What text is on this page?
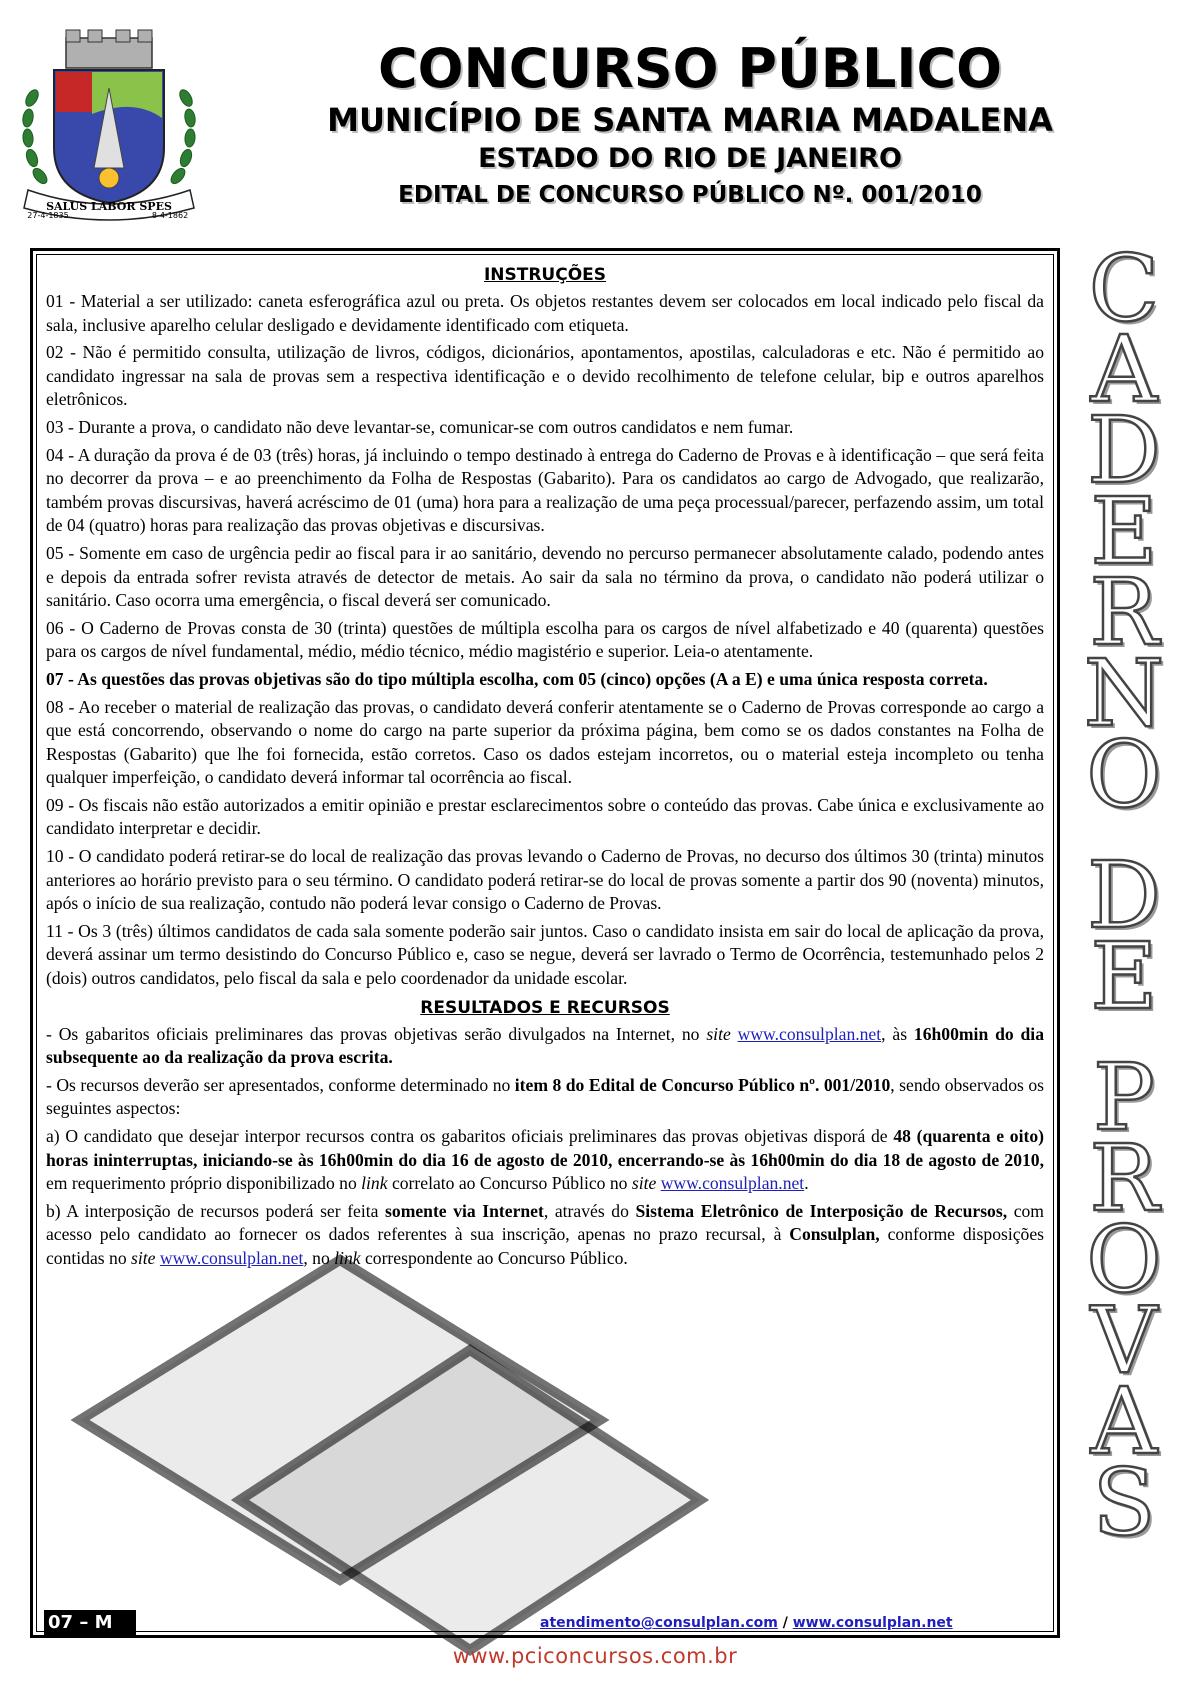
SALUS LABOR SPES
27-4-1835	8-4-1862
CONCURSO PÚBLICO
MUNICÍPIO DE SANTA MARIA MADALENA
ESTADO DO RIO DE JANEIRO
EDITAL DE CONCURSO PÚBLICO Nº. 001/2010
INSTRUÇÕES

01 - Material a ser utilizado: caneta esferográfica azul ou preta. Os objetos restantes devem ser colocados em local indicado pelo fiscal da sala, inclusive aparelho celular desligado e devidamente identificado com etiqueta.

02 - Não é permitido consulta, utilização de livros, códigos, dicionários, apontamentos, apostilas, calculadoras e etc. Não é permitido ao candidato ingressar na sala de provas sem a respectiva identificação e o devido recolhimento de telefone celular, bip e outros aparelhos eletrônicos.

03 - Durante a prova, o candidato não deve levantar-se, comunicar-se com outros candidatos e nem fumar.

04 - A duração da prova é de 03 (três) horas, já incluindo o tempo destinado à entrega do Caderno de Provas e à identificação – que será feita no decorrer da prova – e ao preenchimento da Folha de Respostas (Gabarito). Para os candidatos ao cargo de Advogado, que realizarão, também provas discursivas, haverá acréscimo de 01 (uma) hora para a realização de uma peça processual/parecer, perfazendo assim, um total de 04 (quatro) horas para realização das provas objetivas e discursivas.

05 - Somente em caso de urgência pedir ao fiscal para ir ao sanitário, devendo no percurso permanecer absolutamente calado, podendo antes e depois da entrada sofrer revista através de detector de metais. Ao sair da sala no término da prova, o candidato não poderá utilizar o sanitário. Caso ocorra uma emergência, o fiscal deverá ser comunicado.

06 - O Caderno de Provas consta de 30 (trinta) questões de múltipla escolha para os cargos de nível alfabetizado e 40 (quarenta) questões para os cargos de nível fundamental, médio, médio técnico, médio magistério e superior. Leia-o atentamente.

07 - As questões das provas objetivas são do tipo múltipla escolha, com 05 (cinco) opções (A a E) e uma única resposta correta.

08 - Ao receber o material de realização das provas, o candidato deverá conferir atentamente se o Caderno de Provas corresponde ao cargo a que está concorrendo, observando o nome do cargo na parte superior da próxima página, bem como se os dados constantes na Folha de Respostas (Gabarito) que lhe foi fornecida, estão corretos. Caso os dados estejam incorretos, ou o material esteja incompleto ou tenha qualquer imperfeição, o candidato deverá informar tal ocorrência ao fiscal.

09 - Os fiscais não estão autorizados a emitir opinião e prestar esclarecimentos sobre o conteúdo das provas. Cabe única e exclusivamente ao candidato interpretar e decidir.

10 - O candidato poderá retirar-se do local de realização das provas levando o Caderno de Provas, no decurso dos últimos 30 (trinta) minutos anteriores ao horário previsto para o seu término. O candidato poderá retirar-se do local de provas somente a partir dos 90 (noventa) minutos, após o início de sua realização, contudo não poderá levar consigo o Caderno de Provas.

11 - Os 3 (três) últimos candidatos de cada sala somente poderão sair juntos. Caso o candidato insista em sair do local de aplicação da prova, deverá assinar um termo desistindo do Concurso Público e, caso se negue, deverá ser lavrado o Termo de Ocorrência, testemunhado pelos 2 (dois) outros candidatos, pelo fiscal da sala e pelo coordenador da unidade escolar.

RESULTADOS E RECURSOS

- Os gabaritos oficiais preliminares das provas objetivas serão divulgados na Internet, no site www.consulplan.net, às 16h00min do dia subsequente ao da realização da prova escrita.

- Os recursos deverão ser apresentados, conforme determinado no item 8 do Edital de Concurso Público nº. 001/2010, sendo observados os seguintes aspectos:

a) O candidato que desejar interpor recursos contra os gabaritos oficiais preliminares das provas objetivas disporá de 48 (quarenta e oito) horas ininterruptas, iniciando-se às 16h00min do dia 16 de agosto de 2010, encerrando-se às 16h00min do dia 18 de agosto de 2010, em requerimento próprio disponibilizado no link correlato ao Concurso Público no site www.consulplan.net.

b) A interposição de recursos poderá ser feita somente via Internet, através do Sistema Eletrônico de Interposição de Recursos, com acesso pelo candidato ao fornecer os dados referentes à sua inscrição, apenas no prazo recursal, à Consulplan, conforme disposições contidas no site www.consulplan.net, no link correspondente ao Concurso Público.

C
A
D
E
R
N
O
D
E
P
R
O
V
A
S
07 – M	atendimento@consulplan.com / www.consulplan.net
www.pciconcursos.com.br
